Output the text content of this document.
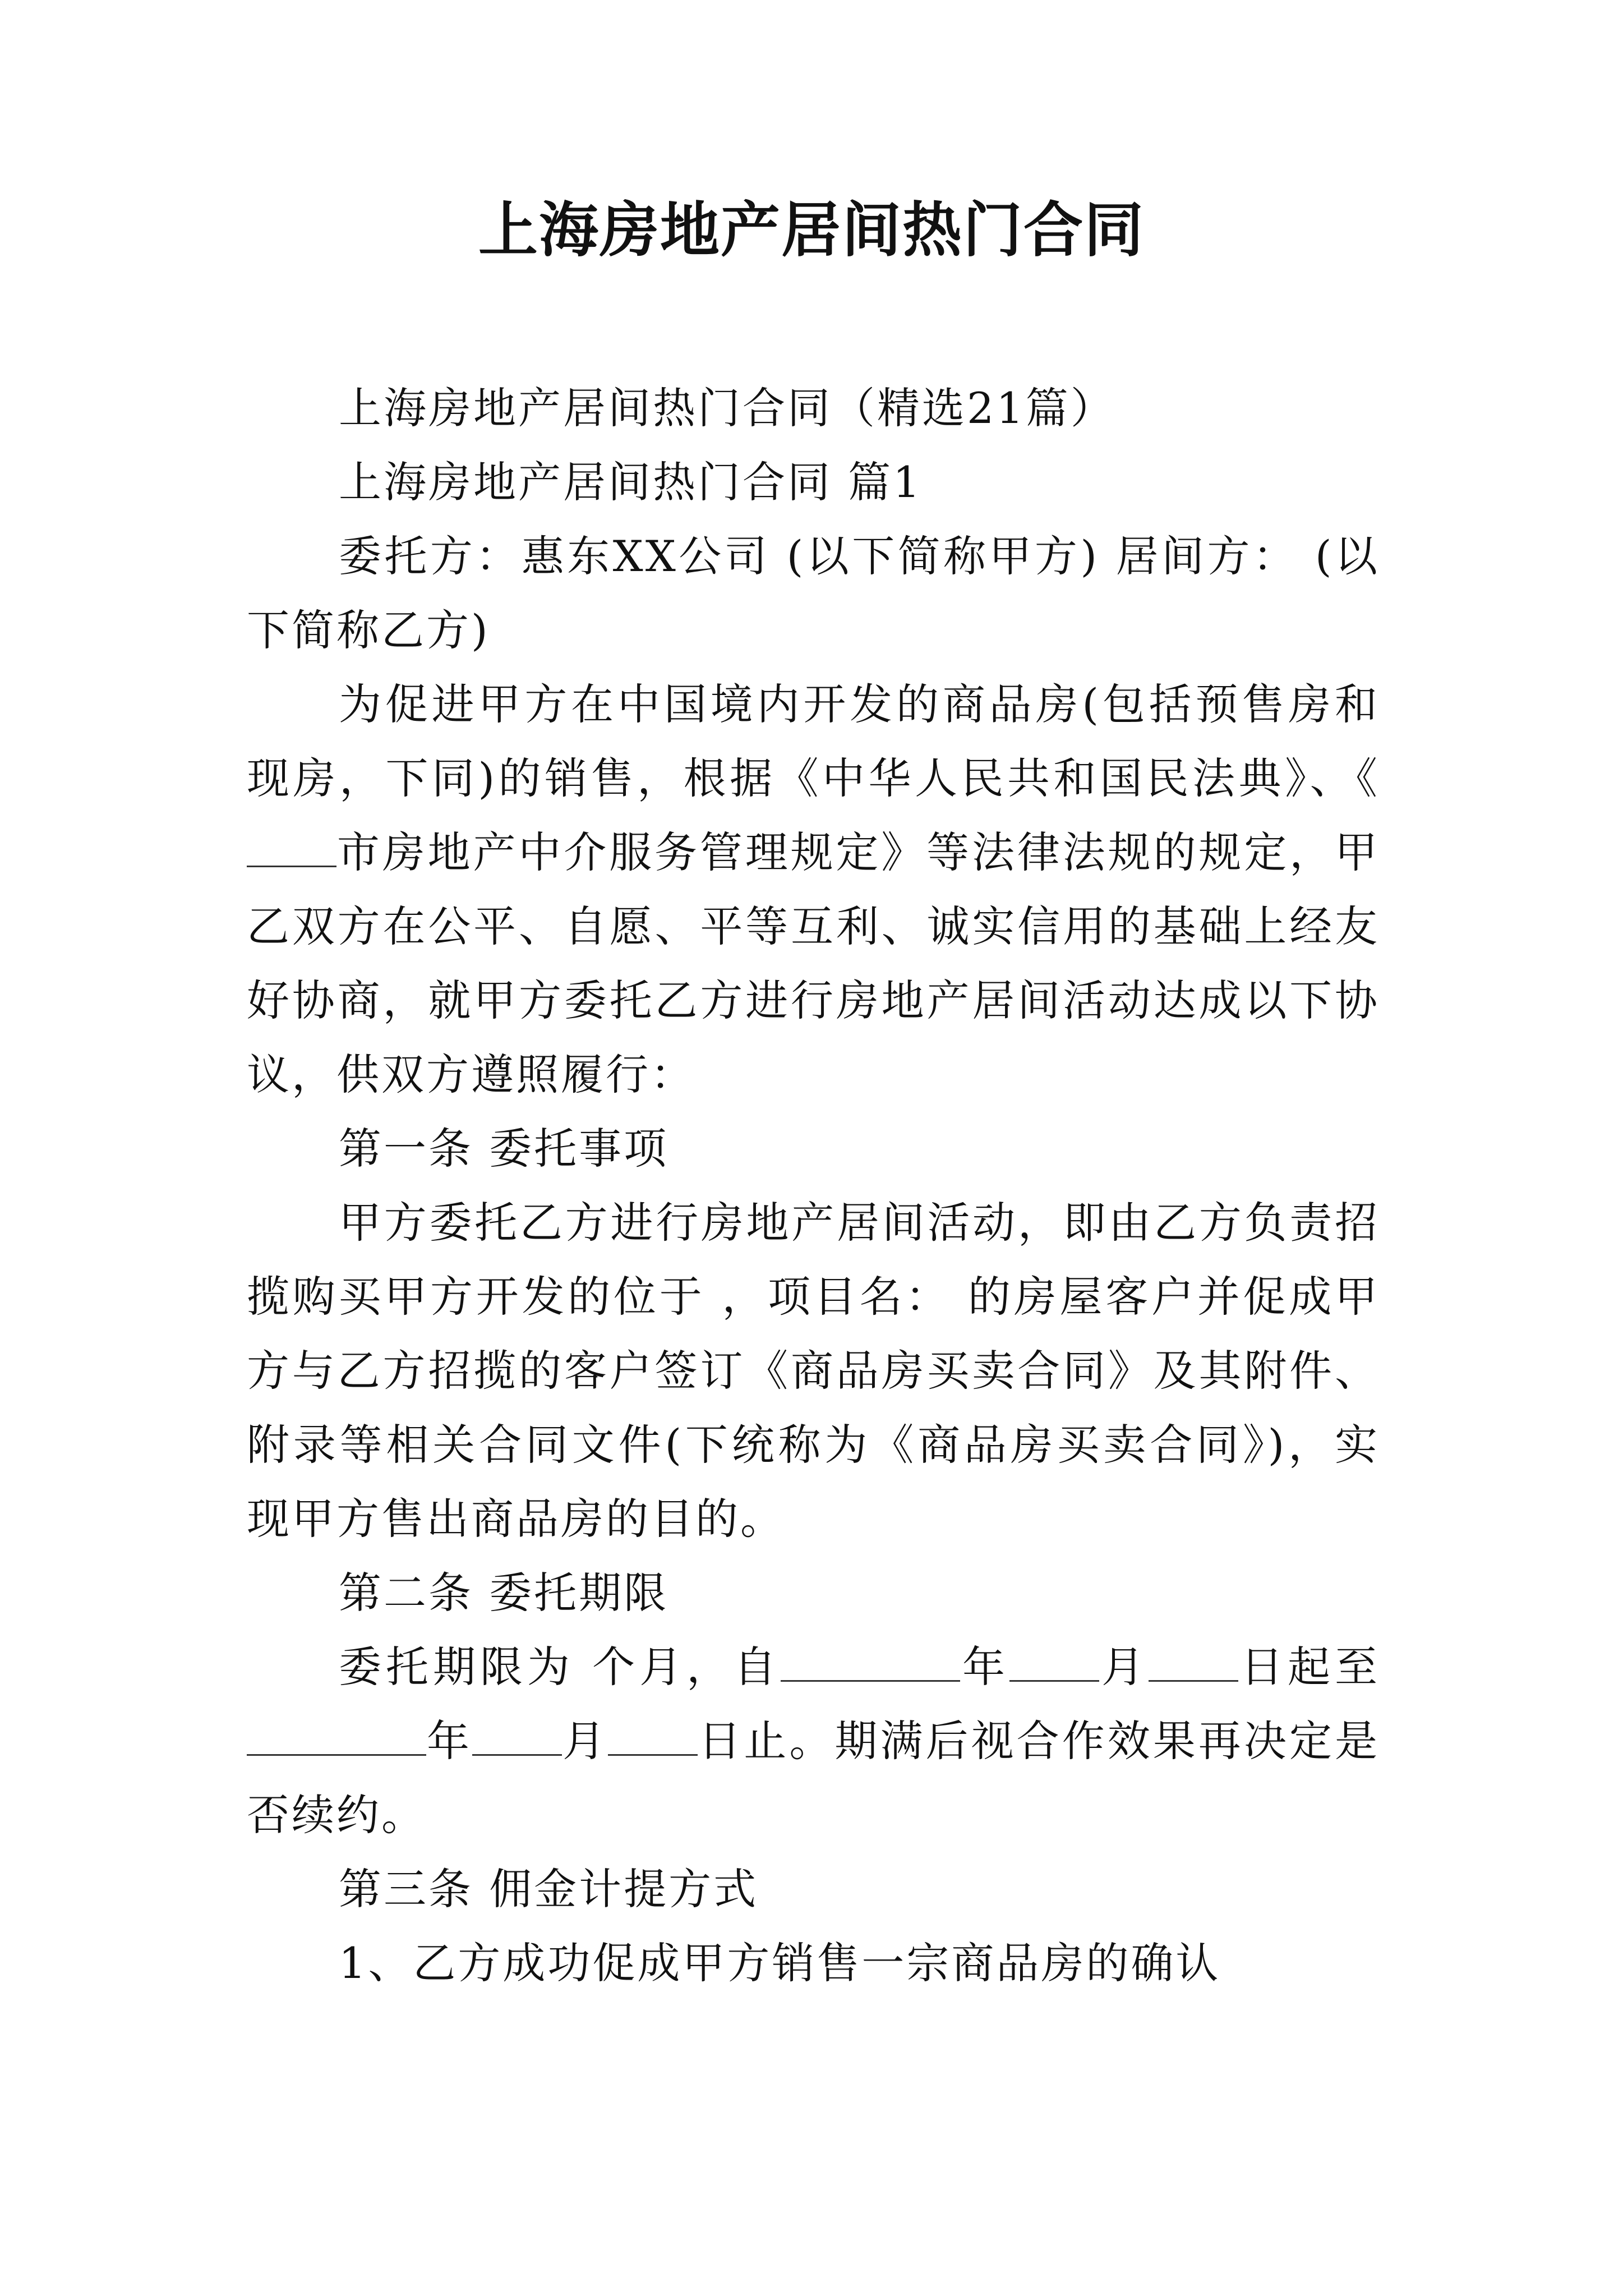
上海房地产居间热门合同

上海房地产居间热门合同（精选21篇）

上海房地产居间热门合同 篇1

委托方：惠东XX公司 (以下简称甲方) 居间方： (以下简称乙方)

为促进甲方在中国境内开发的商品房(包括预售房和现房，下同)的销售，根据《中华人民共和国民法典》、《市房地产中介服务管理规定》等法律法规的规定，甲乙双方在公平、自愿、平等互利、诚实信用的基础上经友好协商，就甲方委托乙方进行房地产居间活动达成以下协议，供双方遵照履行：

第一条 委托事项

甲方委托乙方进行房地产居间活动，即由乙方负责招揽购买甲方开发的位于 ，项目名： 的房屋客户并促成甲方与乙方招揽的客户签订《商品房买卖合同》及其附件、附录等相关合同文件(下统称为《商品房买卖合同》)，实现甲方售出商品房的目的。

第二条 委托期限

委托期限为 个月，自	年 月 日起至年 月 日止。期满后视合作效果再决定是否续约。

第三条 佣金计提方式

1、乙方成功促成甲方销售一宗商品房的确认
